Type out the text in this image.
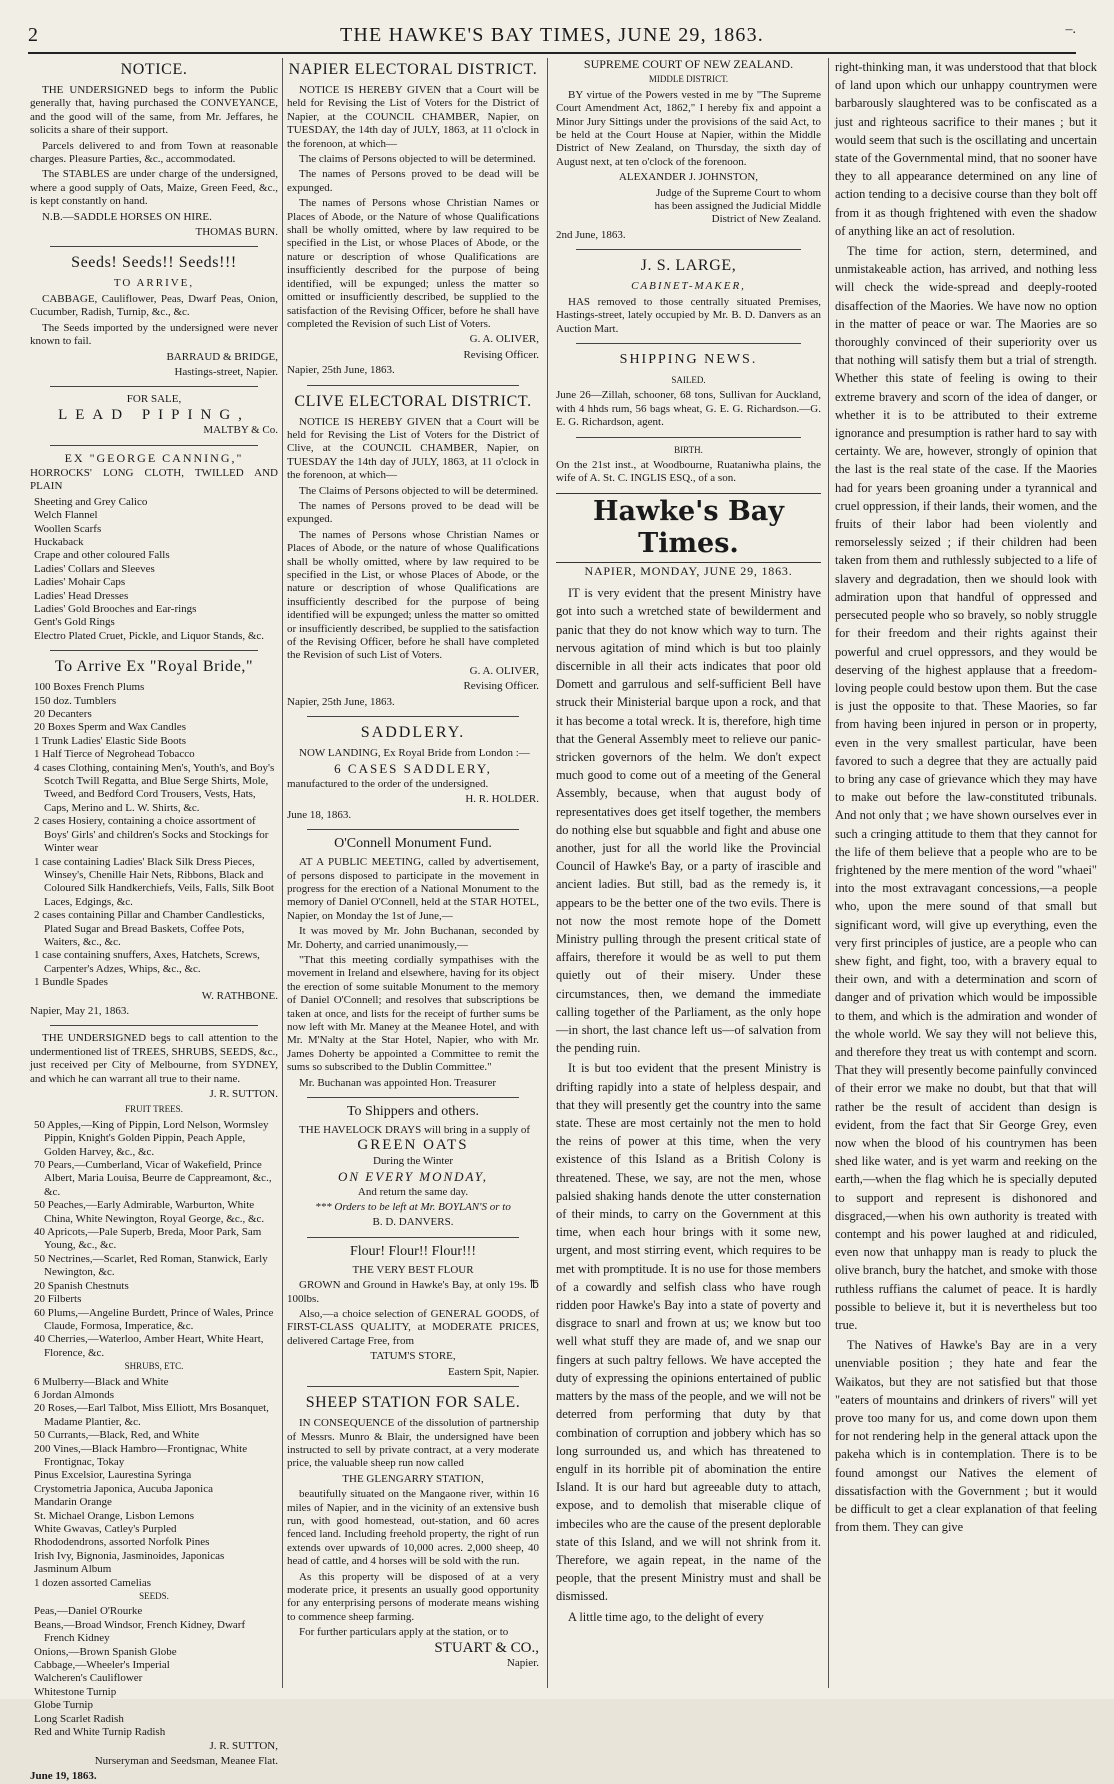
2	THE HAWKE'S BAY TIMES, JUNE 29, 1863.	–.
NOTICE.

THE UNDERSIGNED begs to inform the Public generally that, having purchased the CONVEYANCE, and the good will of the same, from Mr. Jeffares, he solicits a share of their support.

Parcels delivered to and from Town at reasonable charges. Pleasure Parties, &c., accommodated.

The STABLES are under charge of the undersigned, where a good supply of Oats, Maize, Green Feed, &c., is kept constantly on hand.

N.B.—SADDLE HORSES ON HIRE.

THOMAS BURN.

Seeds! Seeds!! Seeds!!!

TO ARRIVE,

CABBAGE, Cauliflower, Peas, Dwarf Peas, Onion, Cucumber, Radish, Turnip, &c., &c.

The Seeds imported by the undersigned were never known to fail.

BARRAUD & BRIDGE,

Hastings-street, Napier.

FOR SALE,

LEAD PIPING,

MALTBY & Co.

EX "GEORGE CANNING,"

HORROCKS' LONG CLOTH, TWILLED AND PLAIN

Sheeting and Grey Calico

Welch Flannel

Woollen Scarfs

Huckaback

Crape and other coloured Falls

Ladies' Collars and Sleeves

Ladies' Mohair Caps

Ladies' Head Dresses

Ladies' Gold Brooches and Ear-rings

Gent's Gold Rings

Electro Plated Cruet, Pickle, and Liquor Stands, &c.

To Arrive Ex "Royal Bride,"

100 Boxes French Plums

150 doz. Tumblers

20 Decanters

20 Boxes Sperm and Wax Candles

1 Trunk Ladies' Elastic Side Boots

1 Half Tierce of Negrohead Tobacco

4 cases Clothing, containing Men's, Youth's, and Boy's Scotch Twill Regatta, and Blue Serge Shirts, Mole, Tweed, and Bedford Cord Trousers, Vests, Hats, Caps, Merino and L. W. Shirts, &c.

2 cases Hosiery, containing a choice assortment of Boys' Girls' and children's Socks and Stockings for Winter wear

1 case containing Ladies' Black Silk Dress Pieces, Winsey's, Chenille Hair Nets, Ribbons, Black and Coloured Silk Handkerchiefs, Veils, Falls, Silk Boot Laces, Edgings, &c.

2 cases containing Pillar and Chamber Candlesticks, Plated Sugar and Bread Baskets, Coffee Pots, Waiters, &c., &c.

1 case containing snuffers, Axes, Hatchets, Screws, Carpenter's Adzes, Whips, &c., &c.

1 Bundle Spades

W. RATHBONE.

Napier, May 21, 1863.

THE UNDERSIGNED begs to call attention to the undermentioned list of TREES, SHRUBS, SEEDS, &c., just received per City of Melbourne, from SYDNEY, and which he can warrant all true to their name.

J. R. SUTTON.

FRUIT TREES.

50 Apples,—King of Pippin, Lord Nelson, Wormsley Pippin, Knight's Golden Pippin, Peach Apple, Golden Harvey, &c., &c.

70 Pears,—Cumberland, Vicar of Wakefield, Prince Albert, Maria Louisa, Beurre de Cappreamont, &c., &c.

50 Peaches,—Early Admirable, Warburton, White China, White Newington, Royal George, &c., &c.

40 Apricots,—Pale Superb, Breda, Moor Park, Sam Young, &c., &c.

50 Nectrines,—Scarlet, Red Roman, Stanwick, Early Newington, &c.

20 Spanish Chestnuts

20 Filberts

60 Plums,—Angeline Burdett, Prince of Wales, Prince Claude, Formosa, Imperatice, &c.

40 Cherries,—Waterloo, Amber Heart, White Heart, Florence, &c.

SHRUBS, ETC.

6 Mulberry—Black and White

6 Jordan Almonds

20 Roses,—Earl Talbot, Miss Elliott, Mrs Bosanquet, Madame Plantier, &c.

50 Currants,—Black, Red, and White

200 Vines,—Black Hambro—Frontignac, White Frontignac, Tokay

Pinus Excelsior, Laurestina Syringa

Crystometria Japonica, Aucuba Japonica

Mandarin Orange

St. Michael Orange, Lisbon Lemons

White Gwavas, Catley's Purpled

Rhododendrons, assorted Norfolk Pines

Irish Ivy, Bignonia, Jasminoides, Japonicas

Jasminum Album

1 dozen assorted Camelias

SEEDS.

Peas,—Daniel O'Rourke

Beans,—Broad Windsor, French Kidney, Dwarf French Kidney

Onions,—Brown Spanish Globe

Cabbage,—Wheeler's Imperial

Walcheren's Cauliflower

Whitestone Turnip

Globe Turnip

Long Scarlet Radish

Red and White Turnip Radish

J. R. SUTTON,

Nurseryman and Seedsman, Meanee Flat.

June 19, 1863.

NAPIER ELECTORAL DISTRICT.

NOTICE IS HEREBY GIVEN that a Court will be held for Revising the List of Voters for the District of Napier, at the COUNCIL CHAMBER, Napier, on TUESDAY, the 14th day of JULY, 1863, at 11 o'clock in the forenoon, at which—

The claims of Persons objected to will be determined.

The names of Persons proved to be dead will be expunged.

The names of Persons whose Christian Names or Places of Abode, or the Nature of whose Qualifications shall be wholly omitted, where by law required to be specified in the List, or whose Places of Abode, or the nature or description of whose Qualifications are insufficiently described for the purpose of being identified, will be expunged; unless the matter so omitted or insufficiently described, be supplied to the satisfaction of the Revising Officer, before he shall have completed the Revision of such List of Voters.

G. A. OLIVER,

Revising Officer.

Napier, 25th June, 1863.

CLIVE ELECTORAL DISTRICT.

NOTICE IS HEREBY GIVEN that a Court will be held for Revising the List of Voters for the District of Clive, at the COUNCIL CHAMBER, Napier, on TUESDAY the 14th day of JULY, 1863, at 11 o'clock in the forenoon, at which—

The Claims of Persons objected to will be determined.

The names of Persons proved to be dead will be expunged.

The names of Persons whose Christian Names or Places of Abode, or the nature of whose Qualifications shall be wholly omitted, where by law required to be specified in the List, or whose Places of Abode, or the nature or description of whose Qualifications are insufficiently described for the purpose of being identified will be expunged; unless the matter so omitted or insufficiently described, be supplied to the satisfaction of the Revising Officer, before he shall have completed the Revision of such List of Voters.

G. A. OLIVER,

Revising Officer.

Napier, 25th June, 1863.

SADDLERY.

NOW LANDING, Ex Royal Bride from London :—

6 CASES SADDLERY,

manufactured to the order of the undersigned.

H. R. HOLDER.

June 18, 1863.

O'Connell Monument Fund.

AT A PUBLIC MEETING, called by advertisement, of persons disposed to participate in the movement in progress for the erection of a National Monument to the memory of Daniel O'Connell, held at the STAR HOTEL, Napier, on Monday the 1st of June,—

It was moved by Mr. John Buchanan, seconded by Mr. Doherty, and carried unanimously,—

"That this meeting cordially sympathises with the movement in Ireland and elsewhere, having for its object the erection of some suitable Monument to the memory of Daniel O'Connell; and resolves that subscriptions be taken at once, and lists for the receipt of further sums be now left with Mr. Maney at the Meanee Hotel, and with Mr. M'Nalty at the Star Hotel, Napier, who with Mr. James Doherty be appointed a Committee to remit the sums so subscribed to the Dublin Committee."

Mr. Buchanan was appointed Hon. Treasurer

To Shippers and others.

THE HAVELOCK DRAYS will bring in a supply of

GREEN OATS

During the Winter

ON EVERY MONDAY,

And return the same day.

*** Orders to be left at Mr. BOYLAN'S or to

B. D. DANVERS.

Flour! Flour!! Flour!!!

THE VERY BEST FLOUR

GROWN and Ground in Hawke's Bay, at only 19s. ℔ 100lbs.

Also,—a choice selection of GENERAL GOODS, of FIRST-CLASS QUALITY, at MODERATE PRICES, delivered Cartage Free, from

TATUM'S STORE,

Eastern Spit, Napier.

SHEEP STATION FOR SALE.

IN CONSEQUENCE of the dissolution of partnership of Messrs. Munro & Blair, the undersigned have been instructed to sell by private contract, at a very moderate price, the valuable sheep run now called

THE GLENGARRY STATION,

beautifully situated on the Mangaone river, within 16 miles of Napier, and in the vicinity of an extensive bush run, with good homestead, out-station, and 60 acres fenced land. Including freehold property, the right of run extends over upwards of 10,000 acres. 2,000 sheep, 40 head of cattle, and 4 horses will be sold with the run.

As this property will be disposed of at a very moderate price, it presents an usually good opportunity for any enterprising persons of moderate means wishing to commence sheep farming.

For further particulars apply at the station, or to

STUART & CO.,

Napier.

SUPREME COURT OF NEW ZEALAND.

MIDDLE DISTRICT.

BY virtue of the Powers vested in me by "The Supreme Court Amendment Act, 1862," I hereby fix and appoint a Minor Jury Sittings under the provisions of the said Act, to be held at the Court House at Napier, within the Middle District of New Zealand, on Thursday, the sixth day of August next, at ten o'clock of the forenoon.

ALEXANDER J. JOHNSTON,

Judge of the Supreme Court to whom has been assigned the Judicial Middle District of New Zealand.

2nd June, 1863.

J. S. LARGE,

CABINET-MAKER,

HAS removed to those centrally situated Premises, Hastings-street, lately occupied by Mr. B. D. Danvers as an Auction Mart.

SHIPPING NEWS.

SAILED.

June 26—Zillah, schooner, 68 tons, Sullivan for Auckland, with 4 hhds rum, 56 bags wheat, G. E. G. Richardson.—G. E. G. Richardson, agent.

BIRTH.

On the 21st inst., at Woodbourne, Ruataniwha plains, the wife of A. St. C. INGLIS ESQ., of a son.

Hawke's Bay Times.
NAPIER, MONDAY, JUNE 29, 1863.

IT is very evident that the present Ministry have got into such a wretched state of bewilderment and panic that they do not know which way to turn. The nervous agitation of mind which is but too plainly discernible in all their acts indicates that poor old Domett and garrulous and self-sufficient Bell have struck their Ministerial barque upon a rock, and that it has become a total wreck. It is, therefore, high time that the General Assembly meet to relieve our panic-stricken governors of the helm. We don't expect much good to come out of a meeting of the General Assembly, because, when that august body of representatives does get itself together, the members do nothing else but squabble and fight and abuse one another, just for all the world like the Provincial Council of Hawke's Bay, or a party of irascible and ancient ladies. But still, bad as the remedy is, it appears to be the better one of the two evils. There is not now the most remote hope of the Domett Ministry pulling through the present critical state of affairs, therefore it would be as well to put them quietly out of their misery. Under these circumstances, then, we demand the immediate calling together of the Parliament, as the only hope—in short, the last chance left us—of salvation from the pending ruin.

It is but too evident that the present Ministry is drifting rapidly into a state of helpless despair, and that they will presently get the country into the same state. These are most certainly not the men to hold the reins of power at this time, when the very existence of this Island as a British Colony is threatened. These, we say, are not the men, whose palsied shaking hands denote the utter consternation of their minds, to carry on the Government at this time, when each hour brings with it some new, urgent, and most stirring event, which requires to be met with promptitude. It is no use for those members of a cowardly and selfish class who have rough ridden poor Hawke's Bay into a state of poverty and disgrace to snarl and frown at us; we know but too well what stuff they are made of, and we snap our fingers at such paltry fellows. We have accepted the duty of expressing the opinions entertained of public matters by the mass of the people, and we will not be deterred from performing that duty by that combination of corruption and jobbery which has so long surrounded us, and which has threatened to engulf in its horrible pit of abomination the entire Island. It is our hard but agreeable duty to attach, expose, and to demolish that miserable clique of imbeciles who are the cause of the present deplorable state of this Island, and we will not shrink from it. Therefore, we again repeat, in the name of the people, that the present Ministry must and shall be dismissed.

A little time ago, to the delight of every

right-thinking man, it was understood that that block of land upon which our unhappy countrymen were barbarously slaughtered was to be confiscated as a just and righteous sacrifice to their manes ; but it would seem that such is the oscillating and uncertain state of the Governmental mind, that no sooner have they to all appearance determined on any line of action tending to a decisive course than they bolt off from it as though frightened with even the shadow of anything like an act of resolution.

The time for action, stern, determined, and unmistakeable action, has arrived, and nothing less will check the wide-spread and deeply-rooted disaffection of the Maories. We have now no option in the matter of peace or war. The Maories are so thoroughly convinced of their superiority over us that nothing will satisfy them but a trial of strength. Whether this state of feeling is owing to their extreme bravery and scorn of the idea of danger, or whether it is to be attributed to their extreme ignorance and presumption is rather hard to say with certainty. We are, however, strongly of opinion that the last is the real state of the case. If the Maories had for years been groaning under a tyrannical and cruel oppression, if their lands, their women, and the fruits of their labor had been violently and remorselessly seized ; if their children had been taken from them and ruthlessly subjected to a life of slavery and degradation, then we should look with admiration upon that handful of oppressed and persecuted people who so bravely, so nobly struggle for their freedom and their rights against their powerful and cruel oppressors, and they would be deserving of the highest applause that a freedom-loving people could bestow upon them. But the case is just the opposite to that. These Maories, so far from having been injured in person or in property, even in the very smallest particular, have been favored to such a degree that they are actually paid to bring any case of grievance which they may have to make out before the law-constituted tribunals. And not only that ; we have shown ourselves ever in such a cringing attitude to them that they cannot for the life of them believe that a people who are to be frightened by the mere mention of the word "whaei" into the most extravagant concessions,—a people who, upon the mere sound of that small but significant word, will give up everything, even the very first principles of justice, are a people who can shew fight, and fight, too, with a bravery equal to their own, and with a determination and scorn of danger and of privation which would be impossible to them, and which is the admiration and wonder of the whole world. We say they will not believe this, and therefore they treat us with contempt and scorn. That they will presently become painfully convinced of their error we make no doubt, but that that will rather be the result of accident than design is evident, from the fact that Sir George Grey, even now when the blood of his countrymen has been shed like water, and is yet warm and reeking on the earth,—when the flag which he is specially deputed to support and represent is dishonored and disgraced,—when his own authority is treated with contempt and his power laughed at and ridiculed, even now that unhappy man is ready to pluck the olive branch, bury the hatchet, and smoke with those ruthless ruffians the calumet of peace. It is hardly possible to believe it, but it is nevertheless but too true.

The Natives of Hawke's Bay are in a very unenviable position ; they hate and fear the Waikatos, but they are not satisfied but that those "eaters of mountains and drinkers of rivers" will yet prove too many for us, and come down upon them for not rendering help in the general attack upon the pakeha which is in contemplation. There is to be found amongst our Natives the element of dissatisfaction with the Government ; but it would be difficult to get a clear explanation of that feeling from them. They can give
